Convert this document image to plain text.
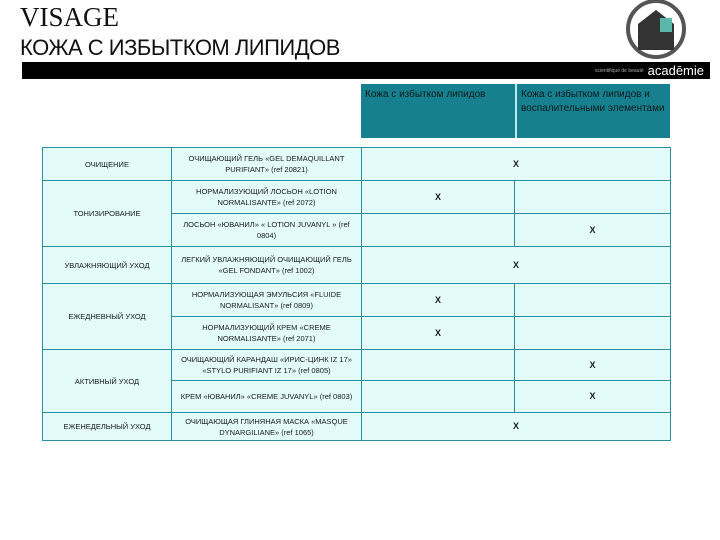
VISAGE
КОЖА С ИЗБЫТКОМ ЛИПИДОВ
scientifique de beauté acadēmie
Кожа с избытком липидов	Кожа с избытком липидов и воспалительными элементами
ОЧИЩЕНИЕ	ОЧИЩАЮЩИЙ ГЕЛЬ «GEL DEMAQUILLANT PURIFIANT» (ref 20821)	X	
ТОНИЗИРОВАНИЕ	НОРМАЛИЗУЮЩИЙ ЛОСЬОН «LOTION NORMALISANTE» (ref 2072)	X	
	ЛОСЬОН «ЮВАНИЛ» « LOTION JUVANYL » (ref 0804)		X
УВЛАЖНЯЮЩИЙ УХОД	ЛЕГКИЙ УВЛАЖНЯЮЩИЙ ОЧИЩАЮЩИЙ ГЕЛЬ «GEL FONDANT» (ref 1002)	X	
ЕЖЕДНЕВНЫЙ УХОД	НОРМАЛИЗУЮЩАЯ ЭМУЛЬСИЯ «FLUIDE NORMALISANT» (ref 0809)	X	
	НОРМАЛИЗУЮЩИЙ КРЕМ «CREME NORMALISANTE» (ref 2071)	X	
АКТИВНЫЙ УХОД	ОЧИЩАЮЩИЙ КАРАНДАШ «ИРИС-ЦИНК IZ 17» «STYLO PURIFIANT IZ 17» (ref 0805)		X
	КРЕМ «ЮВАНИЛ» «CREME JUVANYL» (ref 0803)		X
ЕЖЕНЕДЕЛЬНЫЙ УХОД	ОЧИЩАЮЩАЯ ГЛИНЯНАЯ МАСКА «MASQUE DYNARGILIANE» (ref 1065)	X	
